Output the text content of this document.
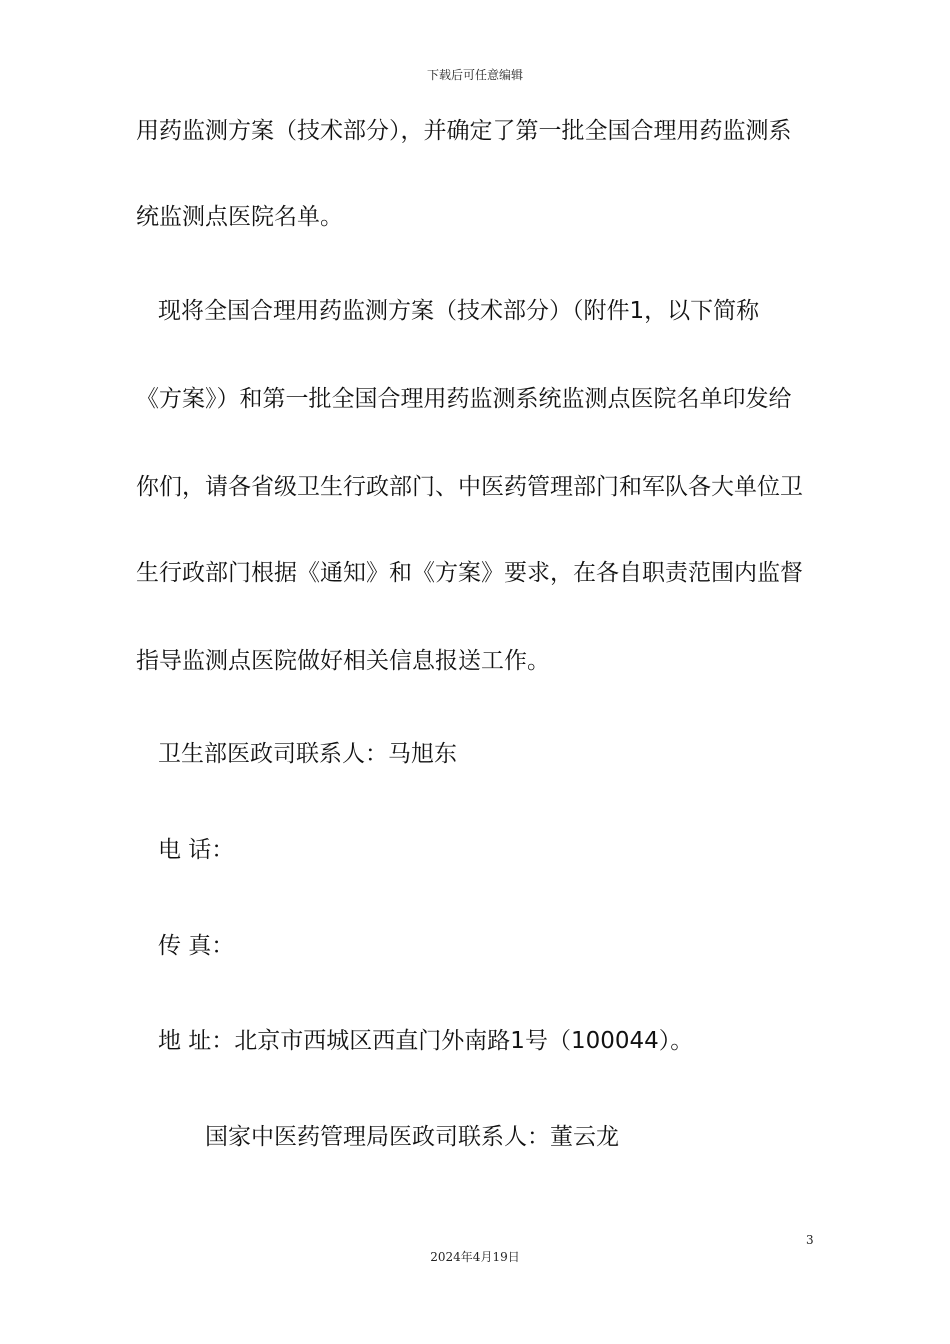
下载后可任意编辑
用药监测方案（技术部分），并确定了第一批全国合理用药监测系
统监测点医院名单。
现将全国合理用药监测方案（技术部分）（附件1，以下简称
《方案》）和第一批全国合理用药监测系统监测点医院名单印发给
你们，请各省级卫生行政部门、中医药管理部门和军队各大单位卫
生行政部门根据《通知》和《方案》要求，在各自职责范围内监督
指导监测点医院做好相关信息报送工作。
卫生部医政司联系人：马旭东
电 话：
传 真：
地 址：北京市西城区西直门外南路1号（100044）。
国家中医药管理局医政司联系人：董云龙
3
2024年4月19日
